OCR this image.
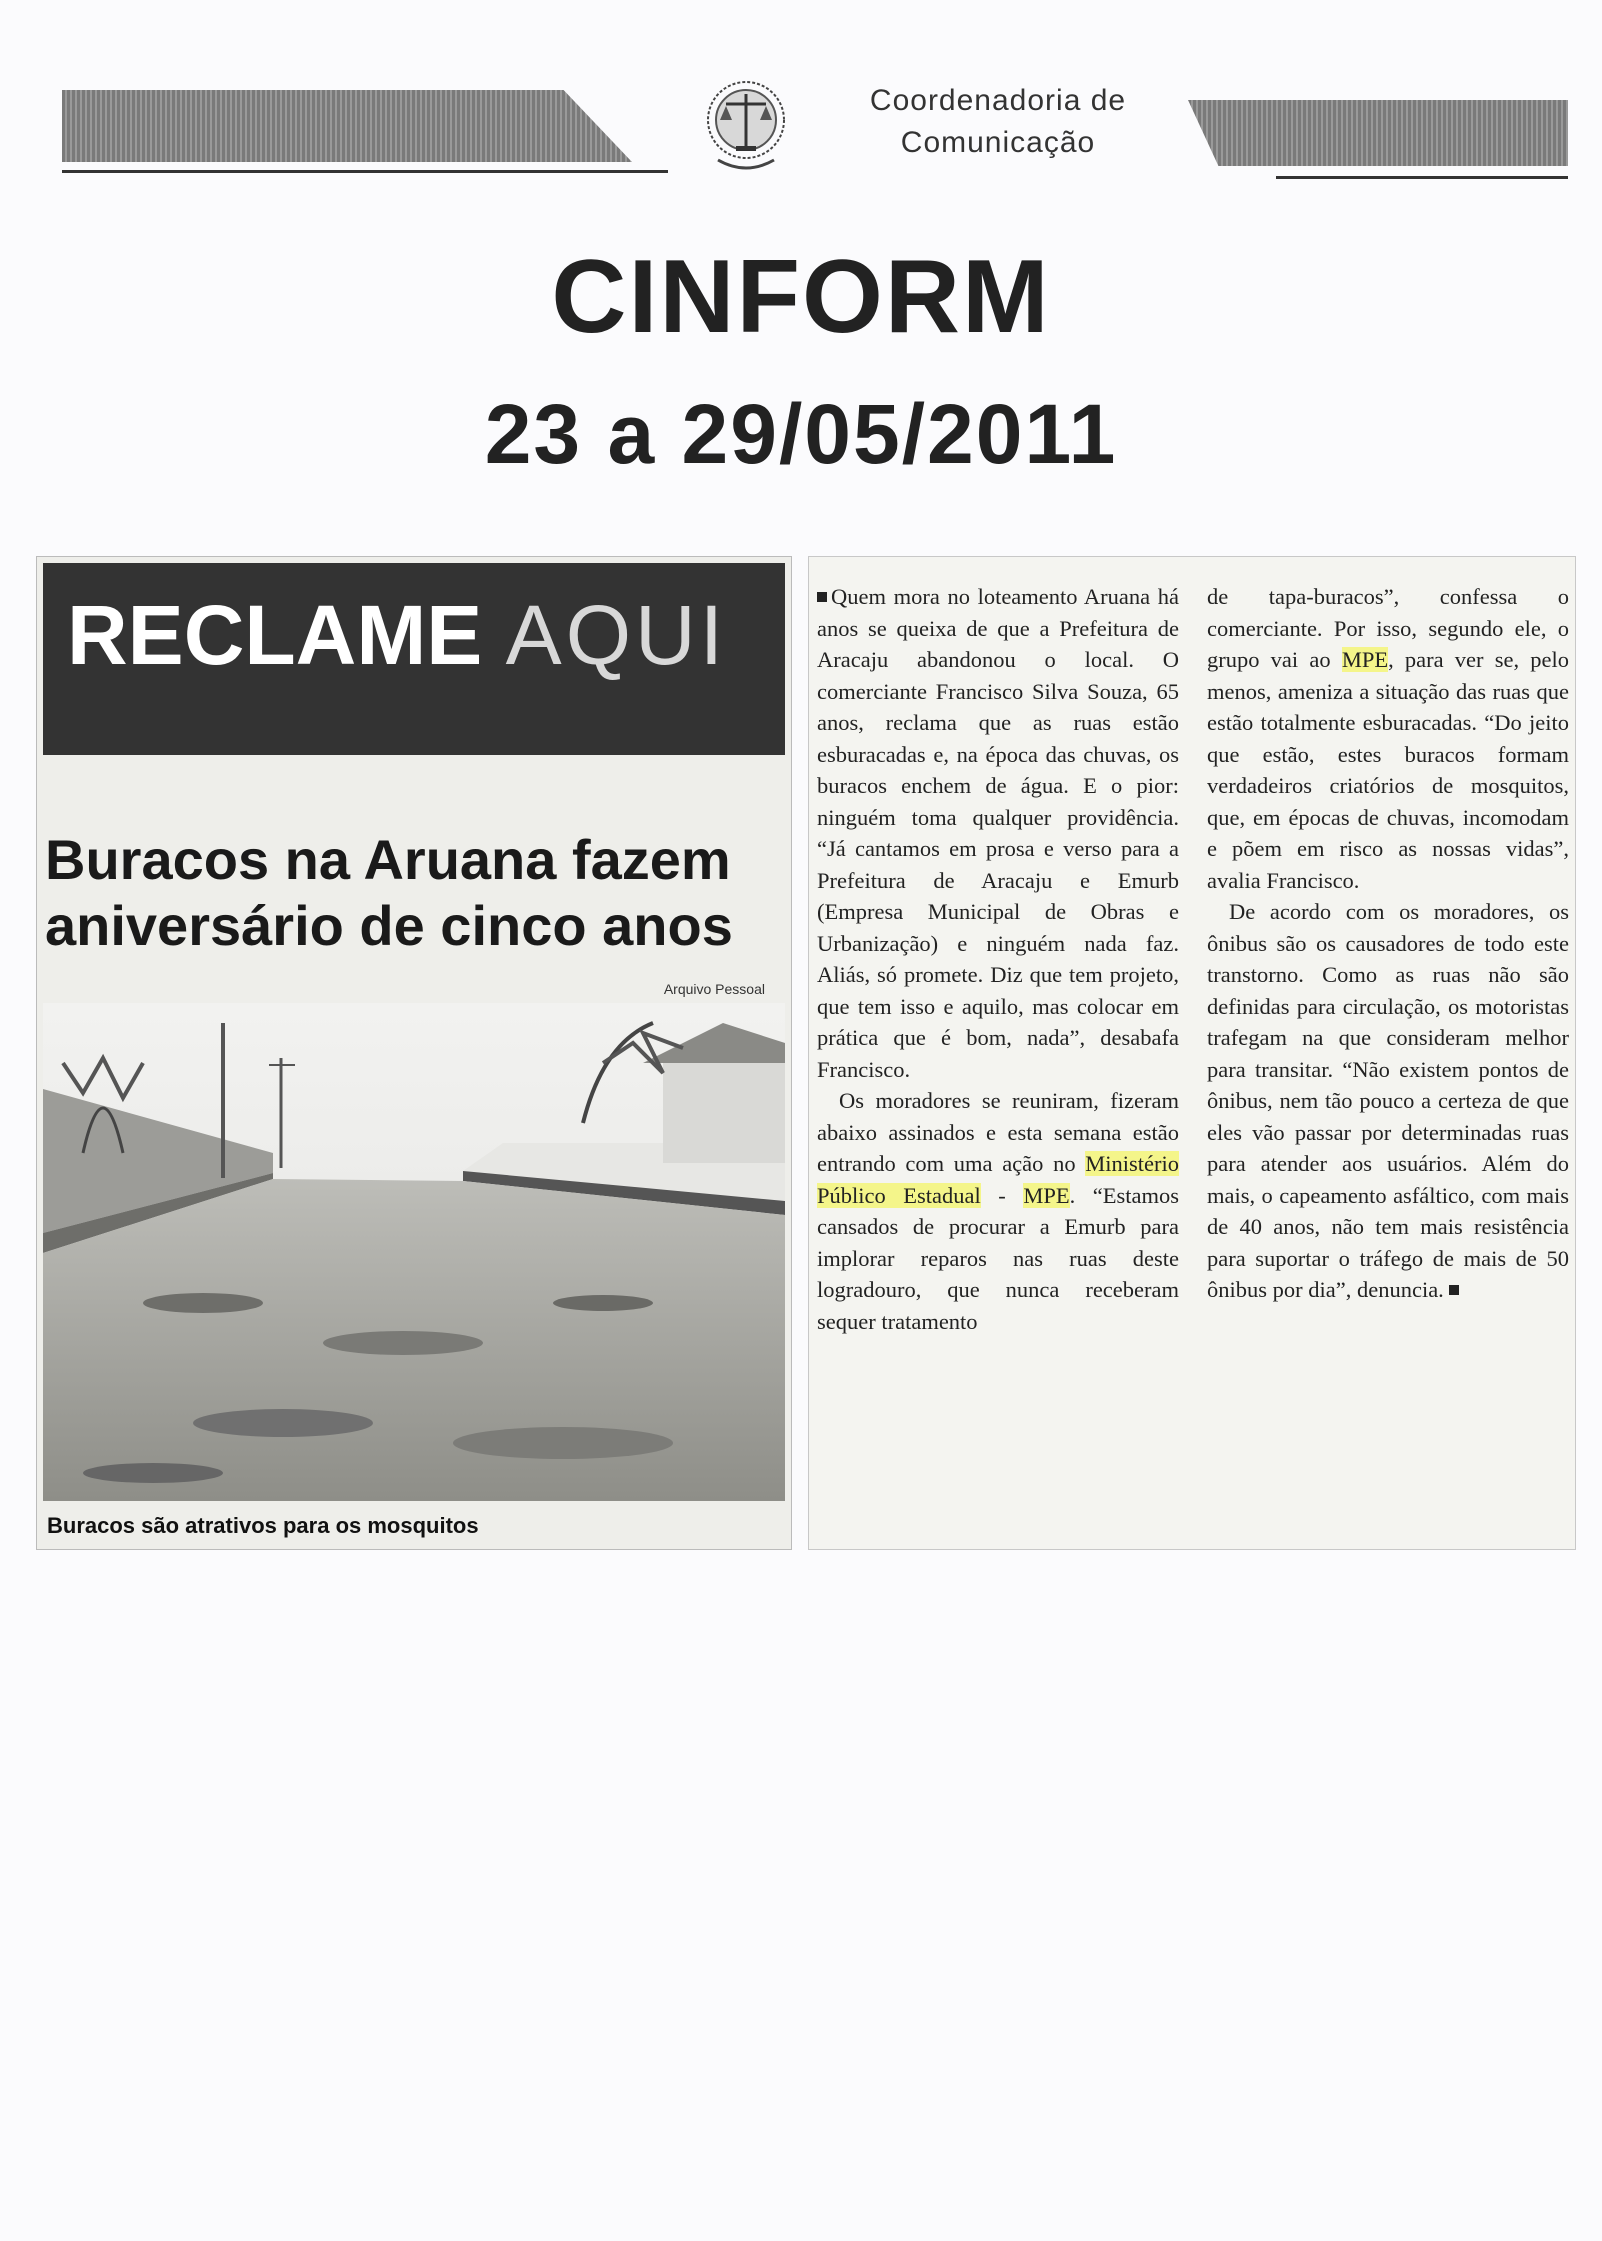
Coordenadoria de
Comunicação
CINFORM
23 a 29/05/2011
RECLAME AQUI
Buracos na Aruana fazem aniversário de cinco anos
Arquivo Pessoal
Buracos são atrativos para os mosquitos

Quem mora no loteamento Aruana há anos se queixa de que a Prefeitura de Aracaju abandonou o local. O comerciante Francisco Silva Souza, 65 anos, reclama que as ruas estão esburacadas e, na época das chuvas, os buracos enchem de água. E o pior: ninguém toma qualquer providência. “Já cantamos em prosa e verso para a Prefeitura de Aracaju e Emurb (Empresa Municipal de Obras e Urbanização) e ninguém nada faz. Aliás, só promete. Diz que tem projeto, que tem isso e aquilo, mas colocar em prática que é bom, nada”, desabafa Francisco.

Os moradores se reuniram, fizeram abaixo assinados e esta semana estão entrando com uma ação no Ministério Público Estadual - MPE. “Estamos cansados de procurar a Emurb para implorar reparos nas ruas deste logradouro, que nunca receberam sequer tratamento

de tapa-buracos”, confessa o comerciante. Por isso, segundo ele, o grupo vai ao MPE, para ver se, pelo menos, ameniza a situação das ruas que estão totalmente esburacadas. “Do jeito que estão, estes buracos formam verdadeiros criatórios de mosquitos, que, em épocas de chuvas, incomodam e põem em risco as nossas vidas”, avalia Francisco.

De acordo com os moradores, os ônibus são os causadores de todo este transtorno. Como as ruas não são definidas para circulação, os motoristas trafegam na que consideram melhor para transitar. “Não existem pontos de ônibus, nem tão pouco a certeza de que eles vão passar por determinadas ruas para atender aos usuários. Além do mais, o capeamento asfáltico, com mais de 40 anos, não tem mais resistência para suportar o tráfego de mais de 50 ônibus por dia”, denuncia.
